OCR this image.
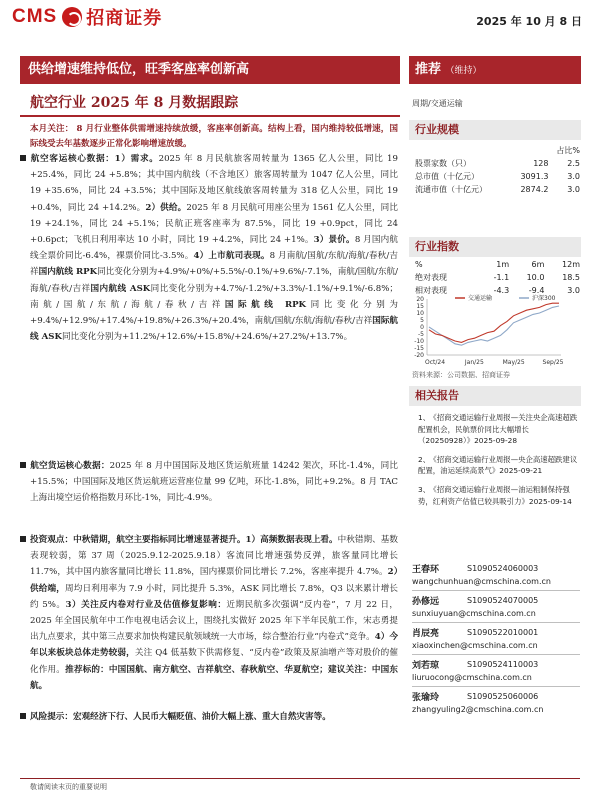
CMS 招商证券	2025 年 10 月 8 日
供给增速维持低位，旺季客座率创新高	推荐 （维持）
航空行业 2025 年 8 月数据跟踪	周期/交通运输
本月关注： 8 月行业整体供需增速持续放缓，客座率创新高。结构上看，国内维持较低增速，国际线受去年基数逐步正常化影响增速放缓。
航空客运核心数据：1）需求。2025 年 8 月民航旅客周转量为 1365 亿人公里，同比 19 +25.4%，同比 24 +5.8%；其中国内航线（不含地区）旅客周转量为 1047 亿人公里，同比 19 +35.6%，同比 24 +3.5%；其中国际及地区航线旅客周转量为 318 亿人公里，同比 19 +0.4%，同比 24 +14.2%。2）供给。2025 年 8 月民航可用座公里为 1561 亿人公里，同比 19 +24.1%，同比 24 +5.1%；民航正班客座率为 87.5%，同比 19 +0.9pct，同比 24 +0.6pct；飞机日利用率达 10 小时，同比 19 +4.2%，同比 24 +1%。3）景价。8 月国内航线全票价同比-6.4%，裸票价同比-3.5%。4）上市航司表现。8 月南航/国航/东航/海航/春秋/吉祥国内航线 RPK同比变化分别为+4.9%/+0%/+5.5%/-0.1%/+9.6%/-7.1%，南航/国航/东航/海航/春秋/吉祥国内航线 ASK同比变化分别为+4.7%/-1.2%/+3.3%/-1.1%/+9.1%/-6.8%；南航/国航/东航/海航/春秋/吉祥国际航线 RPK同比变化分别为+9.4%/+12.9%/+17.4%/+19.8%/+26.3%/+20.4%，南航/国航/东航/海航/春秋/吉祥国际航线 ASK同比变化分别为+11.2%/+12.6%/+15.8%/+24.6%/+27.2%/+13.7%。
航空货运核心数据：2025 年 8 月中国国际及地区货运航班量 14242 架次，环比-1.4%，同比+15.5%；中国国际及地区货运航班运营座位量 99 亿吨，环比-1.8%，同比+9.2%。8 月 TAC 上海出境空运价格指数月环比-1%，同比-4.9%。
投资观点：中秋错期，航空主要指标同比增速显著提升。1）高频数据表现上看。中秋错期、基数表现较弱，第 37 周（2025.9.12-2025.9.18）客流同比增速强势反弹，旅客量同比增长 11.7%，其中国内旅客量同比增长 11.8%，国内裸票价同比增长 7.2%，客座率提升 4.7%。2）供给端，周均日利用率为 7.9 小时，同比提升 5.3%，ASK 同比增长 7.8%，Q3 以来累计增长约 5%。3）关注反内卷对行业及估值修复影响：近期民航多次强调“反内卷”，7 月 22 日，2025 年全国民航年中工作电视电话会议上，围绕扎实做好 2025 年下半年民航工作，宋志勇提出九点要求，其中第三点要求加快构建民航领域统一大市场，综合整治行业“内卷式”竞争。4）今年以来板块总体走势较弱，关注 Q4 低基数下供需修复、“反内卷”政策及原油增产等对股价的催化作用。推荐标的：中国国航、南方航空、吉祥航空、春秋航空、华夏航空；建议关注：中国东航。
风险提示：宏观经济下行、人民币大幅贬值、油价大幅上涨、重大自然灾害等。
行业规模
		占比%
股票家数（只）	128	2.5
总市值（十亿元）	3091.3	3.0
流通市值（十亿元）	2874.2	3.0
行业指数
%	1m	6m	12m
绝对表现	-1.1	10.0	18.5
相对表现	-4.3	-9.4	3.0
20
15
10
5
0
-5
-10
-15
-20
Oct/24	Jan/25	May/25	Sep/25
交通运输	沪深300
资料来源：公司数据、招商证券
相关报告
1、 《招商交通运输行业周报—关注央企高速超跌配置机会，民航票价同比大幅增长（20250928）》2025-09-28
2、 《招商交通运输行业周报—央企高速超跌建议配置，油运延续高景气》2025-09-21
3、 《招商交通运输行业周报—油运粗制保持强势，红利资产估值已较具吸引力》2025-09-14
王春环	S1090524060003
wangchunhuan@cmschina.com.cn
孙修远	S1090524070005
sunxiuyuan@cmschina.com.cn
肖辰亮	S1090522010001
xiaoxinchen@cmschina.com.cn
刘若琼	S1090524110003
liuruocong@cmschina.com.cn
张瑜玲	S1090525060006
zhangyuling2@cmschina.com.cn
敬请阅读末页的重要说明
